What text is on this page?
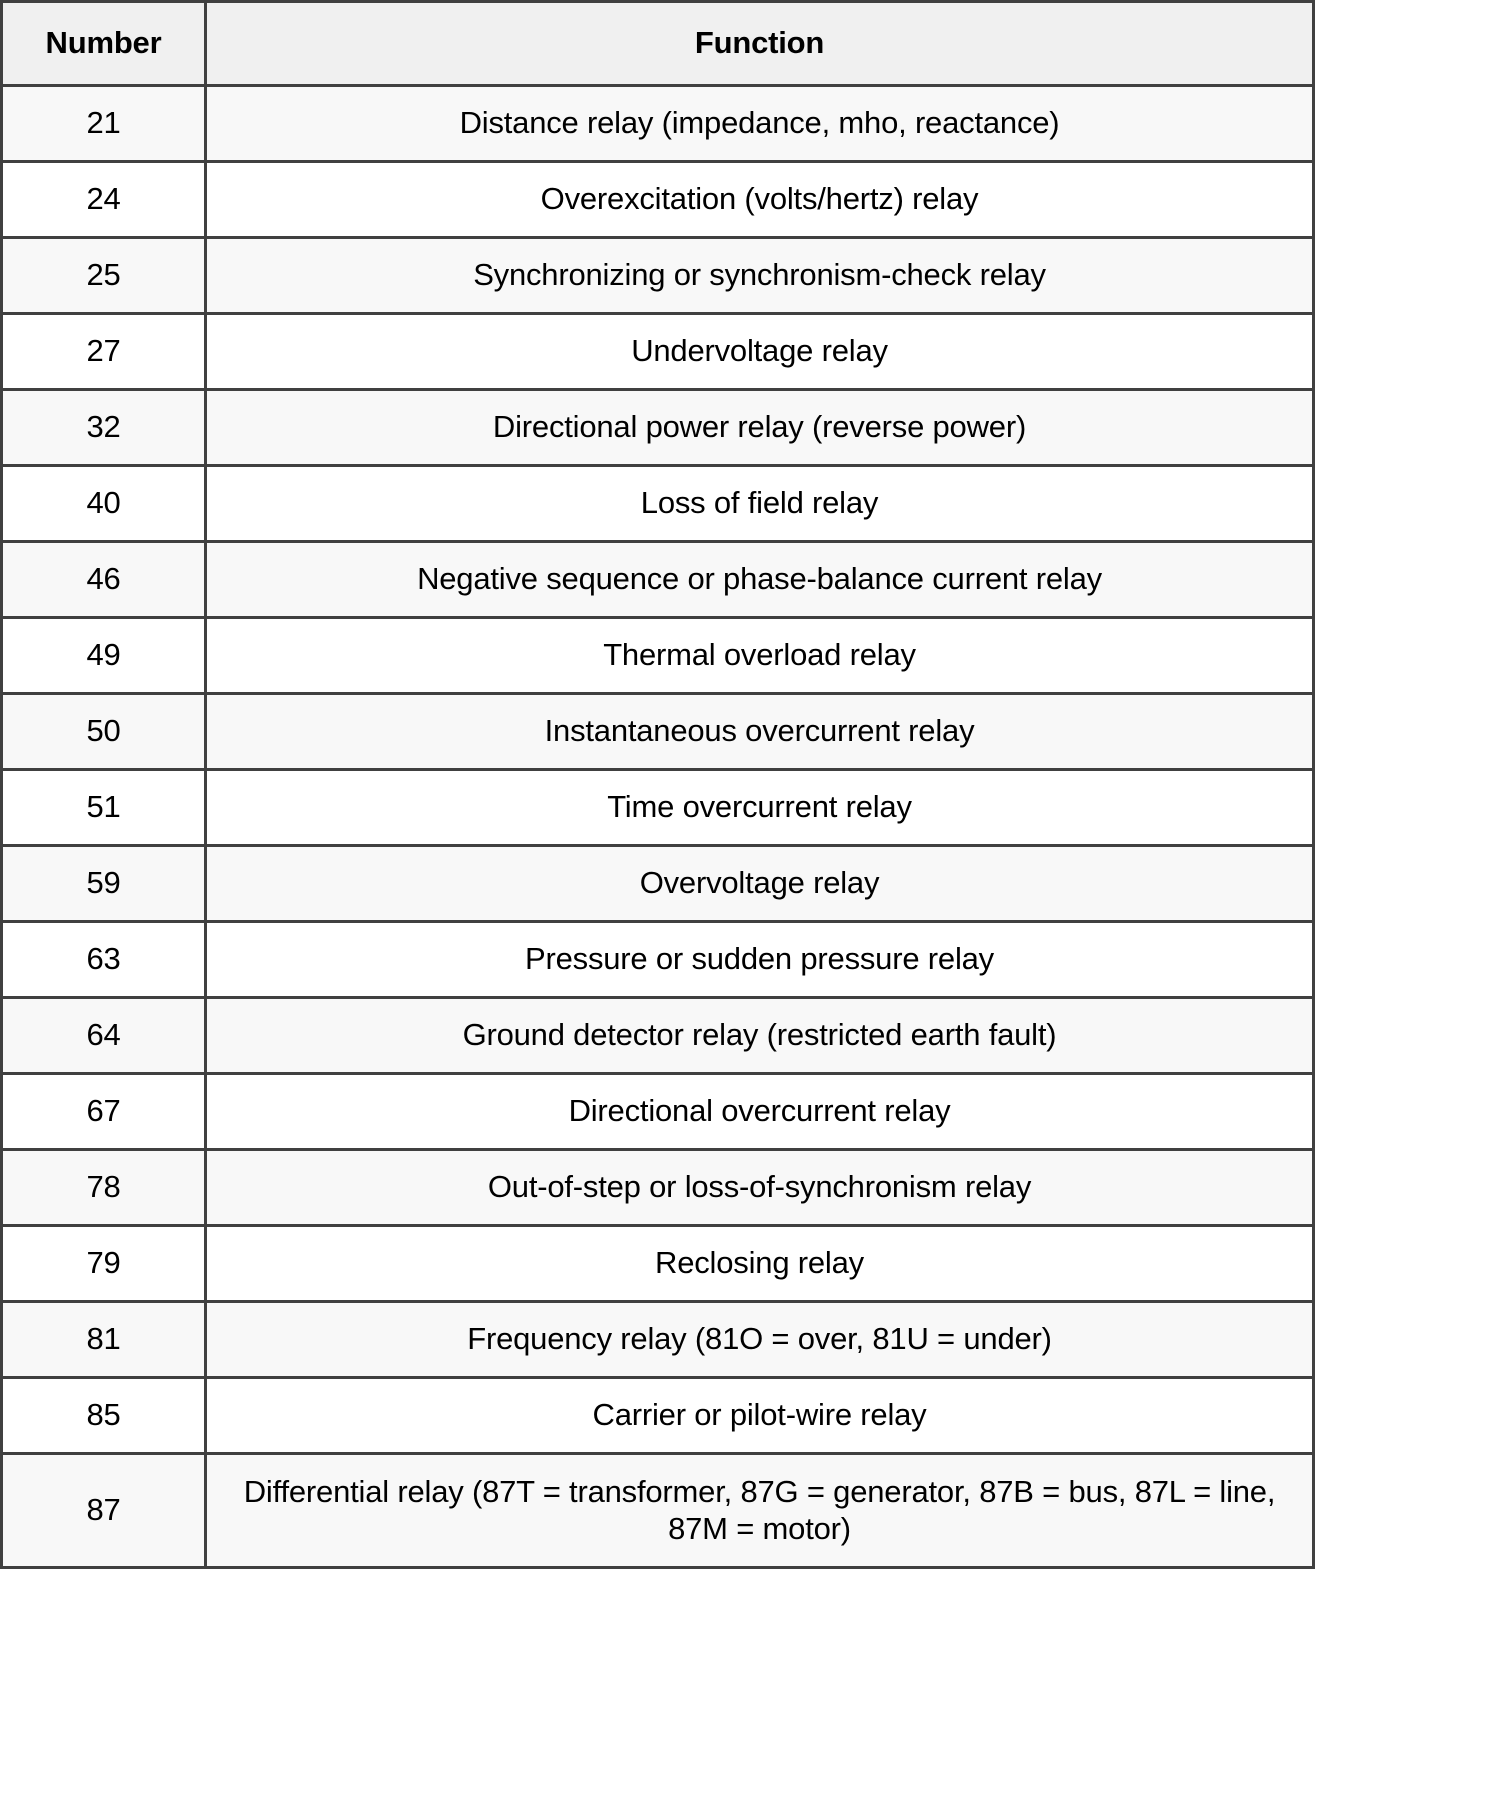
Number	Function
21	Distance relay (impedance, mho, reactance)
24	Overexcitation (volts/hertz) relay
25	Synchronizing or synchronism-check relay
27	Undervoltage relay
32	Directional power relay (reverse power)
40	Loss of field relay
46	Negative sequence or phase-balance current relay
49	Thermal overload relay
50	Instantaneous overcurrent relay
51	Time overcurrent relay
59	Overvoltage relay
63	Pressure or sudden pressure relay
64	Ground detector relay (restricted earth fault)
67	Directional overcurrent relay
78	Out-of-step or loss-of-synchronism relay
79	Reclosing relay
81	Frequency relay (81O = over, 81U = under)
85	Carrier or pilot-wire relay
87	Differential relay (87T = transformer, 87G = generator, 87B = bus, 87L = line, 87M = motor)
